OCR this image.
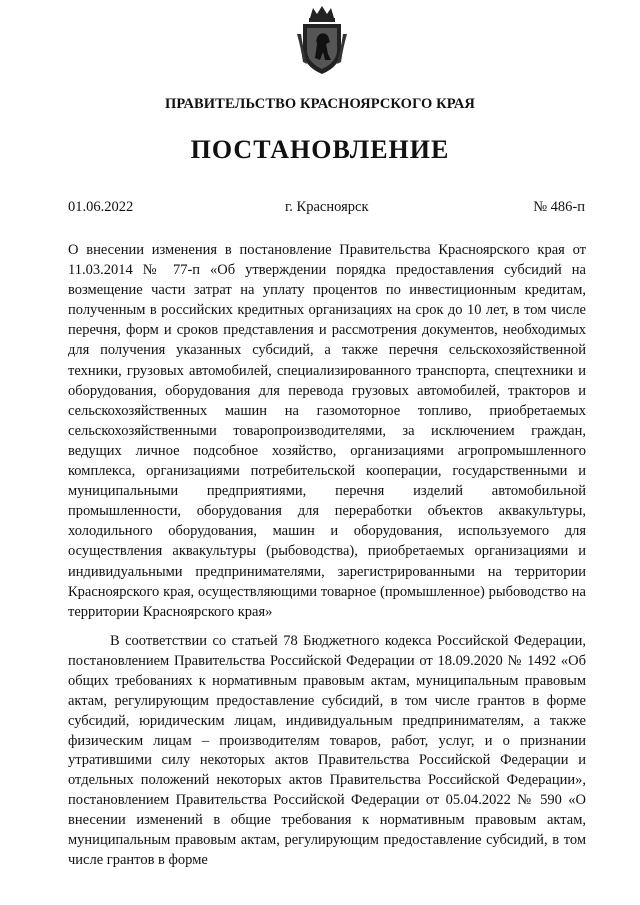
ПРАВИТЕЛЬСТВО КРАСНОЯРСКОГО КРАЯ
ПОСТАНОВЛЕНИЕ
01.06.2022	г. Красноярск	№ 486-п

О внесении изменения в постановление Правительства Красноярского края от 11.03.2014 № 77-п «Об утверждении порядка предоставления субсидий на возмещение части затрат на уплату процентов по инвестиционным кредитам, полученным в российских кредитных организациях на срок до 10 лет, в том числе перечня, форм и сроков представления и рассмотрения документов, необходимых для получения указанных субсидий, а также перечня сельскохозяйственной техники, грузовых автомобилей, специализированного транспорта, спецтехники и оборудования, оборудования для перевода грузовых автомобилей, тракторов и сельскохозяйственных машин на газомоторное топливо, приобретаемых сельскохозяйственными товаропроизводителями, за исключением граждан, ведущих личное подсобное хозяйство, организациями агропромышленного комплекса, организациями потребительской кооперации, государственными и муниципальными предприятиями, перечня изделий автомобильной промышленности, оборудования для переработки объектов аквакультуры, холодильного оборудования, машин и оборудования, используемого для осуществления аквакультуры (рыбоводства), приобретаемых организациями и индивидуальными предпринимателями, зарегистрированными на территории Красноярского края, осуществляющими товарное (промышленное) рыбоводство на территории Красноярского края»

В соответствии со статьей 78 Бюджетного кодекса Российской Федерации, постановлением Правительства Российской Федерации от 18.09.2020 № 1492 «Об общих требованиях к нормативным правовым актам, муниципальным правовым актам, регулирующим предоставление субсидий, в том числе грантов в форме субсидий, юридическим лицам, индивидуальным предпринимателям, а также физическим лицам – производителям товаров, работ, услуг, и о признании утратившими силу некоторых актов Правительства Российской Федерации и отдельных положений некоторых актов Правительства Российской Федерации», постановлением Правительства Российской Федерации от 05.04.2022 № 590 «О внесении изменений в общие требования к нормативным правовым актам, муниципальным правовым актам, регулирующим предоставление субсидий, в том числе грантов в форме
